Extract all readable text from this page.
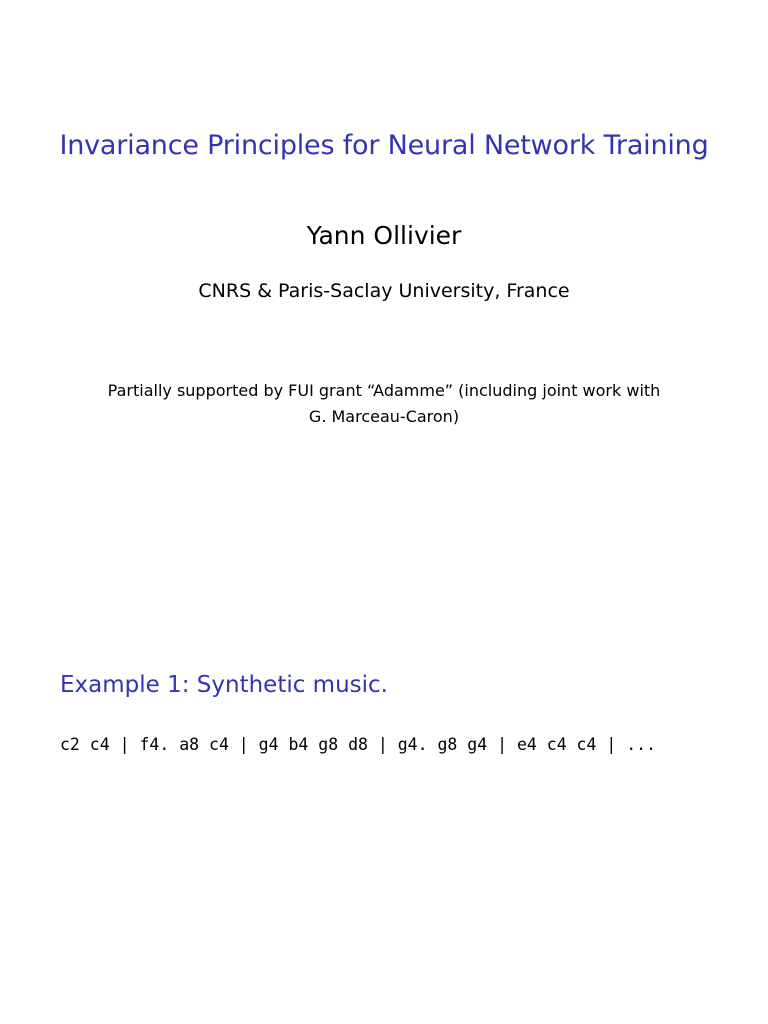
Invariance Principles for Neural Network Training
Yann Ollivier
CNRS & Paris-Saclay University, France
Partially supported by FUI grant “Adamme” (including joint work with
G. Marceau-Caron)
Example 1: Synthetic music.
c2 c4 | f4. a8 c4 | g4 b4 g8 d8 | g4. g8 g4 | e4 c4 c4 | ...
